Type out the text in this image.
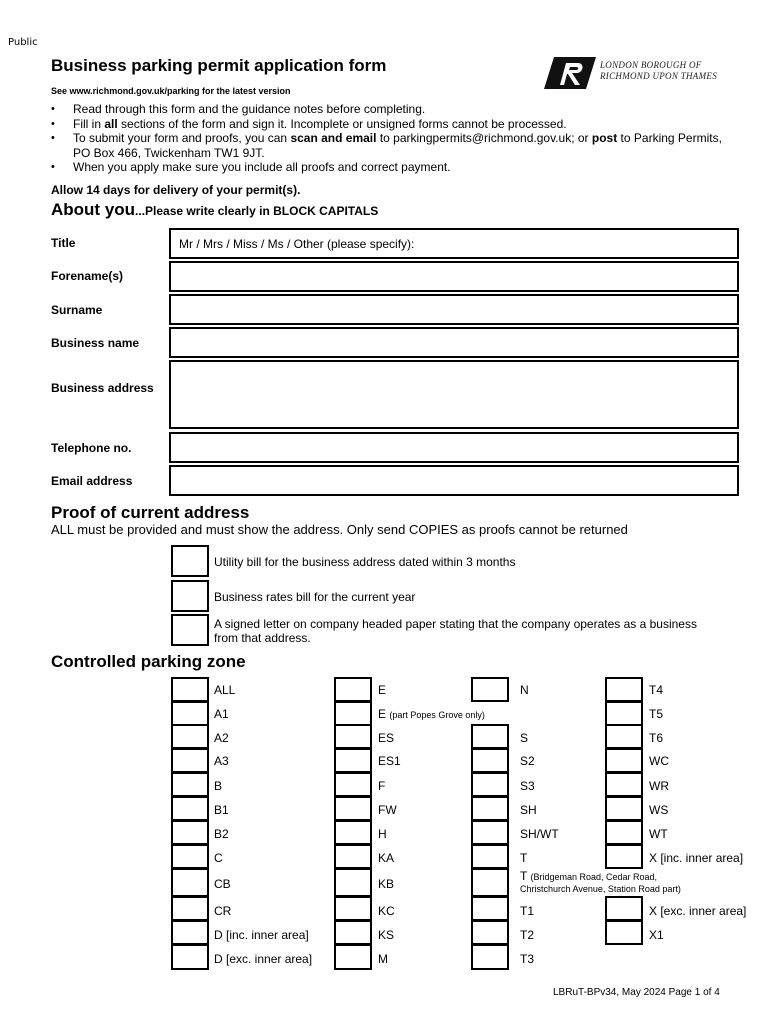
Public
Business parking permit application form	LONDON BOROUGH OF
RICHMOND UPON THAMES
See www.richmond.gov.uk/parking for the latest version
• Read through this form and the guidance notes before completing.
• Fill in all sections of the form and sign it. Incomplete or unsigned forms cannot be processed.
• To submit your form and proofs, you can scan and email to parkingpermits@richmond.gov.uk; or post to Parking Permits, PO Box 466, Twickenham TW1 9JT.
• When you apply make sure you include all proofs and correct payment.
Allow 14 days for delivery of your permit(s).
About you...Please write clearly in BLOCK CAPITALS
Title	Mr / Mrs / Miss / Ms / Other (please specify):
Forename(s)
Surname
Business name
Business address
Telephone no.
Email address
Proof of current address
ALL must be provided and must show the address. Only send COPIES as proofs cannot be returned
Utility bill for the business address dated within 3 months
Business rates bill for the current year
A signed letter on company headed paper stating that the company operates as a business from that address.
Controlled parking zone
ALL
A1
A2
A3
B
B1
B2
C
CB
CR
D [inc. inner area]
D [exc. inner area]
E
E (part Popes Grove only)
ES
ES1
F
FW
H
KA
KB
KC
KS
M
N
S
S2
S3
SH
SH/WT
T
T (Bridgeman Road, Cedar Road,
Christchurch Avenue, Station Road part)
T1
T2
T3
T4
T5
T6
WC
WR
WS
WT
X [inc. inner area]
X [exc. inner area]
X1
LBRuT-BPv34, May 2024 Page 1 of 4
